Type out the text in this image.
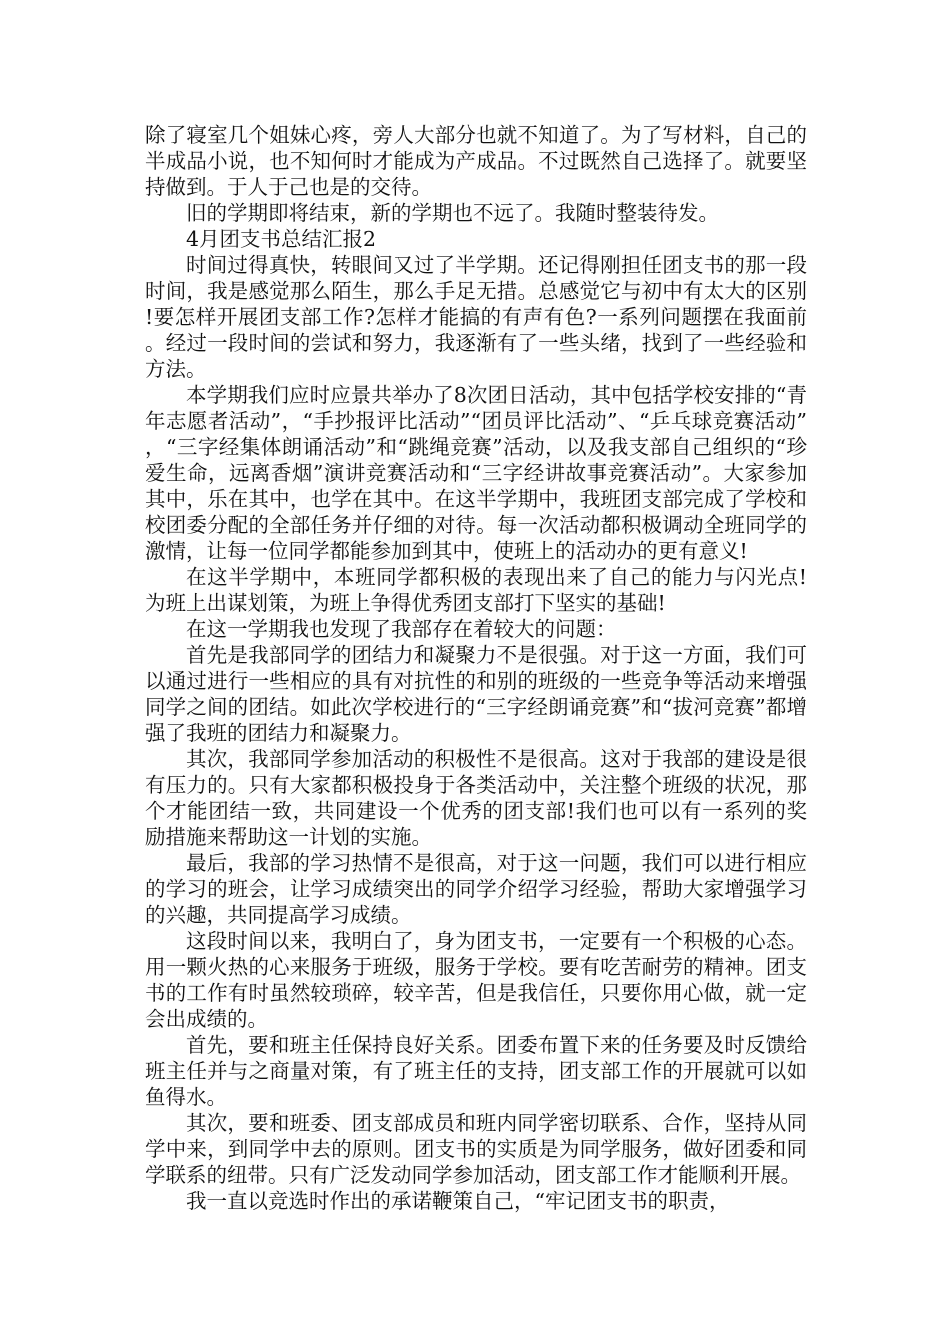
除了寝室几个姐妹心疼，旁人大部分也就不知道了。为了写材料，自己的半成品小说，也不知何时才能成为产成品。不过既然自己选择了。就要坚持做到。于人于己也是的交待。

旧的学期即将结束，新的学期也不远了。我随时整装待发。

4月团支书总结汇报2

时间过得真快，转眼间又过了半学期。还记得刚担任团支书的那一段时间，我是感觉那么陌生，那么手足无措。总感觉它与初中有太大的区别!要怎样开展团支部工作?怎样才能搞的有声有色?一系列问题摆在我面前。经过一段时间的尝试和努力，我逐渐有了一些头绪，找到了一些经验和方法。

本学期我们应时应景共举办了8次团日活动，其中包括学校安排的“青年志愿者活动”，“手抄报评比活动”“团员评比活动”、“乒乓球竞赛活动”，“三字经集体朗诵活动”和“跳绳竞赛”活动，以及我支部自己组织的“珍爱生命，远离香烟”演讲竞赛活动和“三字经讲故事竞赛活动”。大家参加其中，乐在其中，也学在其中。在这半学期中，我班团支部完成了学校和校团委分配的全部任务并仔细的对待。每一次活动都积极调动全班同学的激情，让每一位同学都能参加到其中，使班上的活动办的更有意义!

在这半学期中，本班同学都积极的表现出来了自己的能力与闪光点!为班上出谋划策，为班上争得优秀团支部打下坚实的基础!

在这一学期我也发现了我部存在着较大的问题：

首先是我部同学的团结力和凝聚力不是很强。对于这一方面，我们可以通过进行一些相应的具有对抗性的和别的班级的一些竞争等活动来增强同学之间的团结。如此次学校进行的“三字经朗诵竞赛”和“拔河竞赛”都增强了我班的团结力和凝聚力。

其次，我部同学参加活动的积极性不是很高。这对于我部的建设是很有压力的。只有大家都积极投身于各类活动中，关注整个班级的状况，那个才能团结一致，共同建设一个优秀的团支部!我们也可以有一系列的奖励措施来帮助这一计划的实施。

最后，我部的学习热情不是很高，对于这一问题，我们可以进行相应的学习的班会，让学习成绩突出的同学介绍学习经验，帮助大家增强学习的兴趣，共同提高学习成绩。

这段时间以来，我明白了，身为团支书，一定要有一个积极的心态。用一颗火热的心来服务于班级，服务于学校。要有吃苦耐劳的精神。团支书的工作有时虽然较琐碎，较辛苦，但是我信任，只要你用心做，就一定会出成绩的。

首先，要和班主任保持良好关系。团委布置下来的任务要及时反馈给班主任并与之商量对策，有了班主任的支持，团支部工作的开展就可以如鱼得水。

其次，要和班委、团支部成员和班内同学密切联系、合作，坚持从同学中来，到同学中去的原则。团支书的实质是为同学服务，做好团委和同学联系的纽带。只有广泛发动同学参加活动，团支部工作才能顺利开展。

我一直以竞选时作出的承诺鞭策自己，“牢记团支书的职责，
